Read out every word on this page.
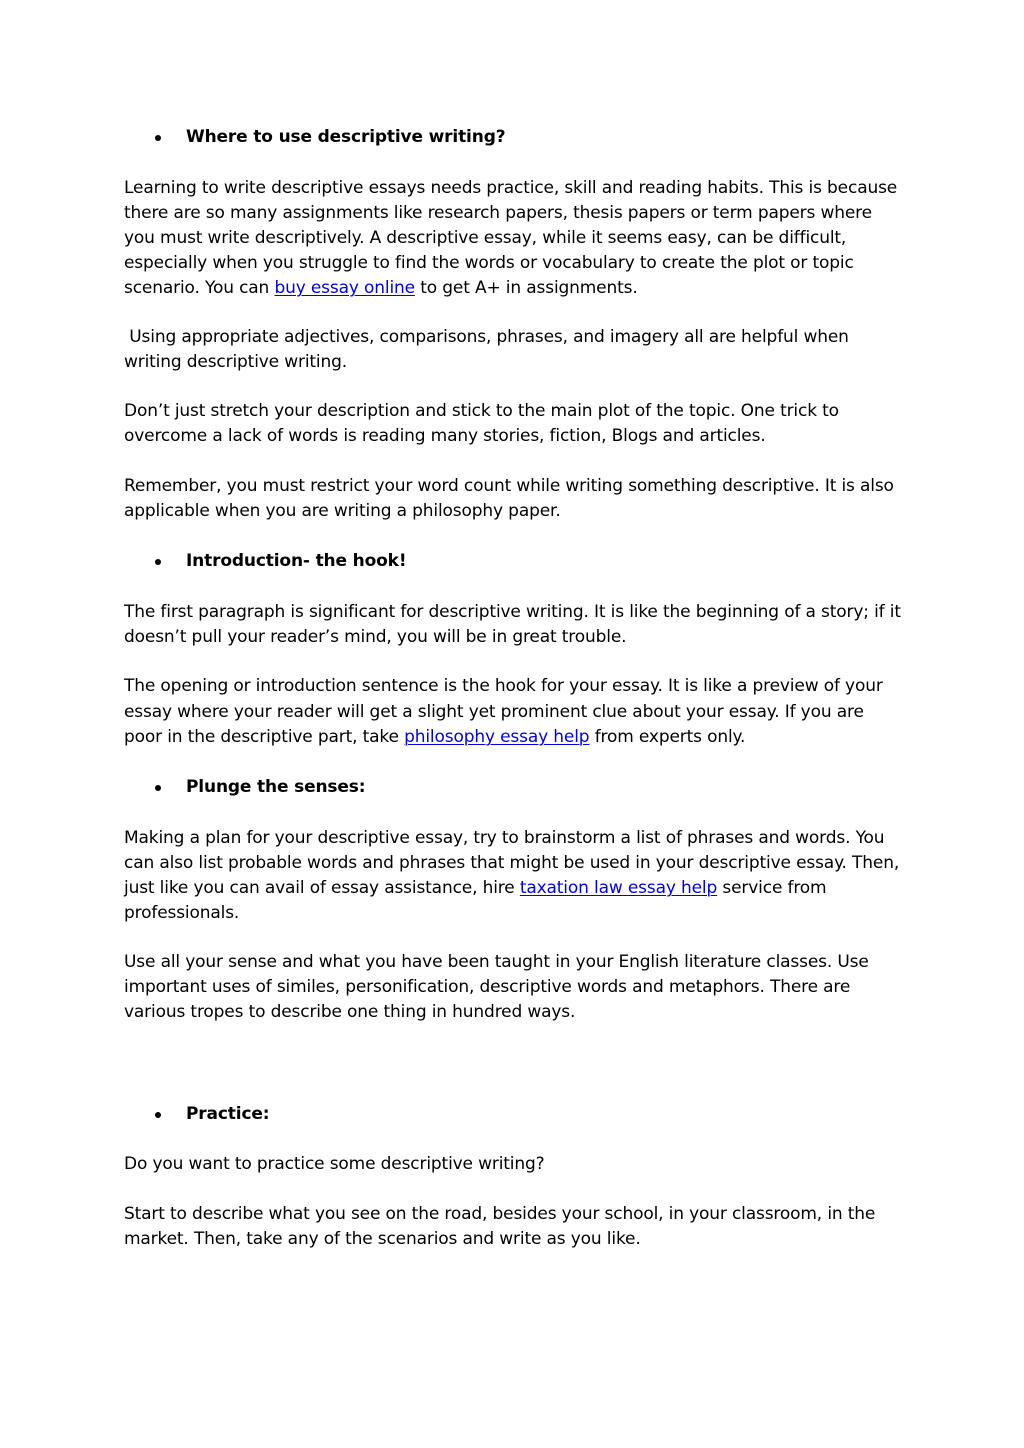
Where to use descriptive writing?
Learning to write descriptive essays needs practice, skill and reading habits. This is because
there are so many assignments like research papers, thesis papers or term papers where
you must write descriptively. A descriptive essay, while it seems easy, can be difficult,
especially when you struggle to find the words or vocabulary to create the plot or topic
scenario. You can buy essay online to get A+ in assignments.
Using appropriate adjectives, comparisons, phrases, and imagery all are helpful when
writing descriptive writing.
Don’t just stretch your description and stick to the main plot of the topic. One trick to
overcome a lack of words is reading many stories, fiction, Blogs and articles.
Remember, you must restrict your word count while writing something descriptive. It is also
applicable when you are writing a philosophy paper.
Introduction- the hook!
The first paragraph is significant for descriptive writing. It is like the beginning of a story; if it
doesn’t pull your reader’s mind, you will be in great trouble.
The opening or introduction sentence is the hook for your essay. It is like a preview of your
essay where your reader will get a slight yet prominent clue about your essay. If you are
poor in the descriptive part, take philosophy essay help from experts only.
Plunge the senses:
Making a plan for your descriptive essay, try to brainstorm a list of phrases and words. You
can also list probable words and phrases that might be used in your descriptive essay. Then,
just like you can avail of essay assistance, hire taxation law essay help service from
professionals.
Use all your sense and what you have been taught in your English literature classes. Use
important uses of similes, personification, descriptive words and metaphors. There are
various tropes to describe one thing in hundred ways.
Practice:
Do you want to practice some descriptive writing?
Start to describe what you see on the road, besides your school, in your classroom, in the
market. Then, take any of the scenarios and write as you like.
